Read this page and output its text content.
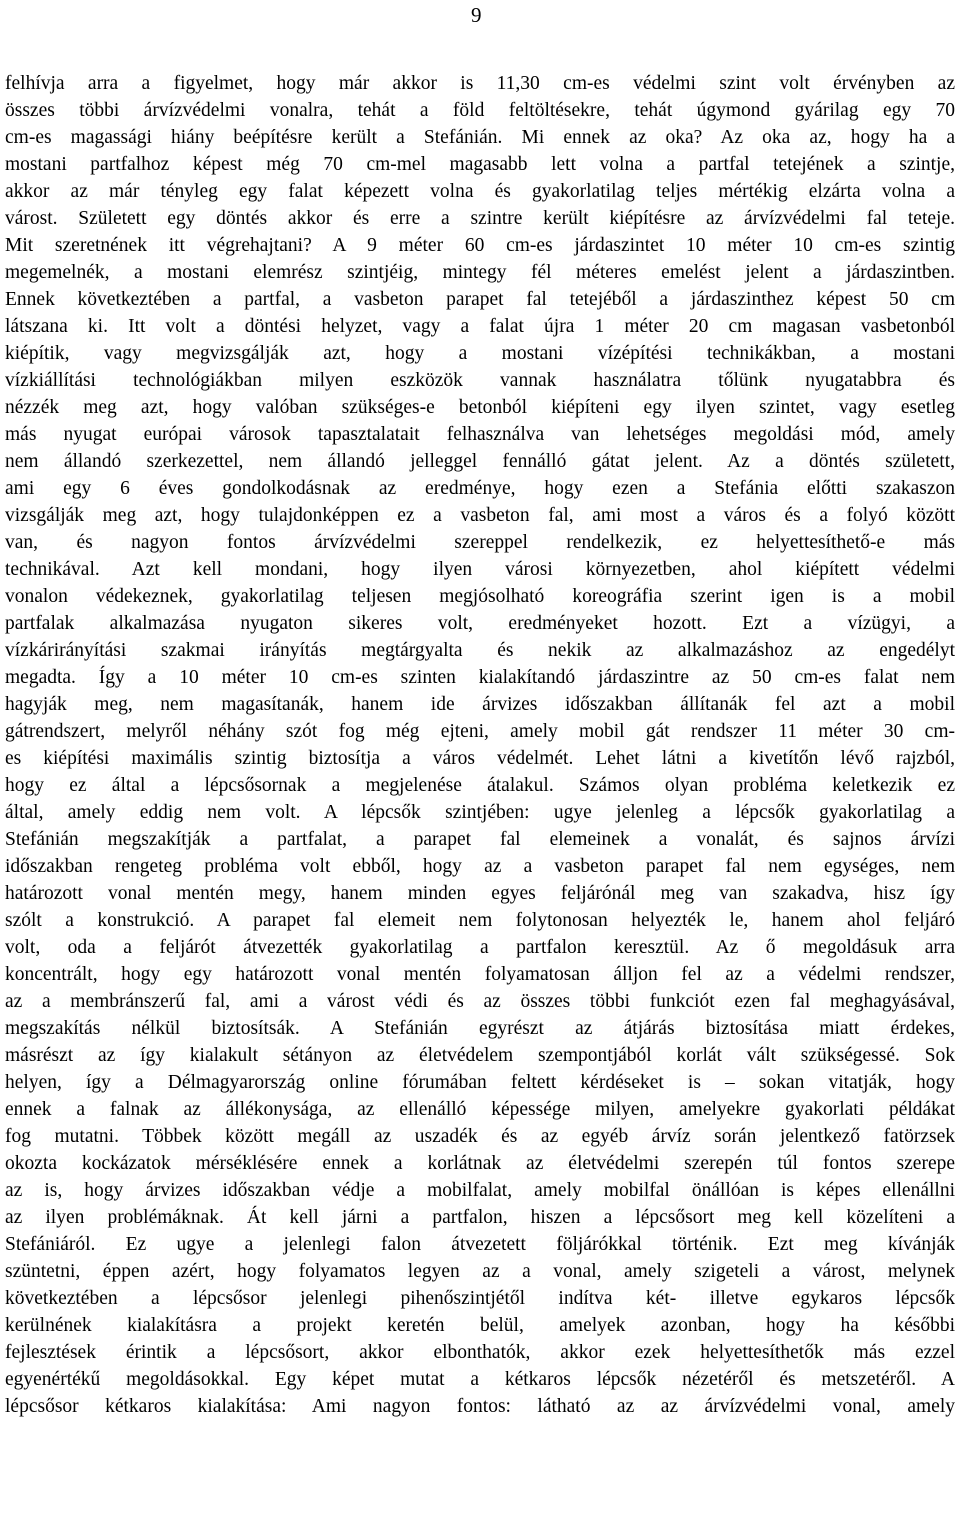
9
felhívja arra a figyelmet, hogy már akkor is 11,30 cm-es védelmi szint volt érvényben az
összes többi árvízvédelmi vonalra, tehát a föld feltöltésekre, tehát úgymond gyárilag egy 70
cm-es magassági hiány beépítésre került a Stefánián. Mi ennek az oka? Az oka az, hogy ha a
mostani partfalhoz képest még 70 cm-mel magasabb lett volna a partfal tetejének a szintje,
akkor az már tényleg egy falat képezett volna és gyakorlatilag teljes mértékig elzárta volna a
várost. Született egy döntés akkor és erre a szintre került kiépítésre az árvízvédelmi fal teteje.
Mit szeretnének itt végrehajtani? A 9 méter 60 cm-es járdaszintet 10 méter 10 cm-es szintig
megemelnék, a mostani elemrész szintjéig, mintegy fél méteres emelést jelent a járdaszintben.
Ennek következtében a partfal, a vasbeton parapet fal tetejéből a járdaszinthez képest 50 cm
látszana ki. Itt volt a döntési helyzet, vagy a falat újra 1 méter 20 cm magasan vasbetonból
kiépítik, vagy megvizsgálják azt, hogy a mostani vízépítési technikákban, a mostani
vízkiállítási technológiákban milyen eszközök vannak használatra tőlünk nyugatabbra és
nézzék meg azt, hogy valóban szükséges-e betonból kiépíteni egy ilyen szintet, vagy esetleg
más nyugat európai városok tapasztalatait felhasználva van lehetséges megoldási mód, amely
nem állandó szerkezettel, nem állandó jelleggel fennálló gátat jelent. Az a döntés született,
ami egy 6 éves gondolkodásnak az eredménye, hogy ezen a Stefánia előtti szakaszon
vizsgálják meg azt, hogy tulajdonképpen ez a vasbeton fal, ami most a város és a folyó között
van, és nagyon fontos árvízvédelmi szereppel rendelkezik, ez helyettesíthető-e más
technikával. Azt kell mondani, hogy ilyen városi környezetben, ahol kiépített védelmi
vonalon védekeznek, gyakorlatilag teljesen megjósolható koreográfia szerint igen is a mobil
partfalak alkalmazása nyugaton sikeres volt, eredményeket hozott. Ezt a vízügyi, a
vízkárirányítási szakmai irányítás megtárgyalta és nekik az alkalmazáshoz az engedélyt
megadta. Így a 10 méter 10 cm-es szinten kialakítandó járdaszintre az 50 cm-es falat nem
hagyják meg, nem magasítanák, hanem ide árvizes időszakban állítanák fel azt a mobil
gátrendszert, melyről néhány szót fog még ejteni, amely mobil gát rendszer 11 méter 30 cm-
es kiépítési maximális szintig biztosítja a város védelmét. Lehet látni a kivetítőn lévő rajzból,
hogy ez által a lépcsősornak a megjelenése átalakul. Számos olyan probléma keletkezik ez
által, amely eddig nem volt. A lépcsők szintjében: ugye jelenleg a lépcsők gyakorlatilag a
Stefánián megszakítják a partfalat, a parapet fal elemeinek a vonalát, és sajnos árvízi
időszakban rengeteg probléma volt ebből, hogy az a vasbeton parapet fal nem egységes, nem
határozott vonal mentén megy, hanem minden egyes feljárónál meg van szakadva, hisz így
szólt a konstrukció. A parapet fal elemeit nem folytonosan helyezték le, hanem ahol feljáró
volt, oda a feljárót átvezették gyakorlatilag a partfalon keresztül. Az ő megoldásuk arra
koncentrált, hogy egy határozott vonal mentén folyamatosan álljon fel az a védelmi rendszer,
az a membránszerű fal, ami a várost védi és az összes többi funkciót ezen fal meghagyásával,
megszakítás nélkül biztosítsák. A Stefánián egyrészt az átjárás biztosítása miatt érdekes,
másrészt az így kialakult sétányon az életvédelem szempontjából korlát vált szükségessé. Sok
helyen, így a Délmagyarország online fórumában feltett kérdéseket is – sokan vitatják, hogy
ennek a falnak az állékonysága, az ellenálló képessége milyen, amelyekre gyakorlati példákat
fog mutatni. Többek között megáll az uszadék és az egyéb árvíz során jelentkező fatörzsek
okozta kockázatok mérséklésére ennek a korlátnak az életvédelmi szerepén túl fontos szerepe
az is, hogy árvizes időszakban védje a mobilfalat, amely mobilfal önállóan is képes ellenállni
az ilyen problémáknak. Át kell járni a partfalon, hiszen a lépcsősort meg kell közelíteni a
Stefániáról. Ez ugye a jelenlegi falon átvezetett följárókkal történik. Ezt meg kívánják
szüntetni, éppen azért, hogy folyamatos legyen az a vonal, amely szigeteli a várost, melynek
következtében a lépcsősor jelenlegi pihenőszintjétől indítva két- illetve egykaros lépcsők
kerülnének kialakításra a projekt keretén belül, amelyek azonban, hogy ha későbbi
fejlesztések érintik a lépcsősort, akkor elbonthatók, akkor ezek helyettesíthetők más ezzel
egyenértékű megoldásokkal. Egy képet mutat a kétkaros lépcsők nézetéről és metszetéről. A
lépcsősor kétkaros kialakítása: Ami nagyon fontos: látható az az árvízvédelmi vonal, amely
